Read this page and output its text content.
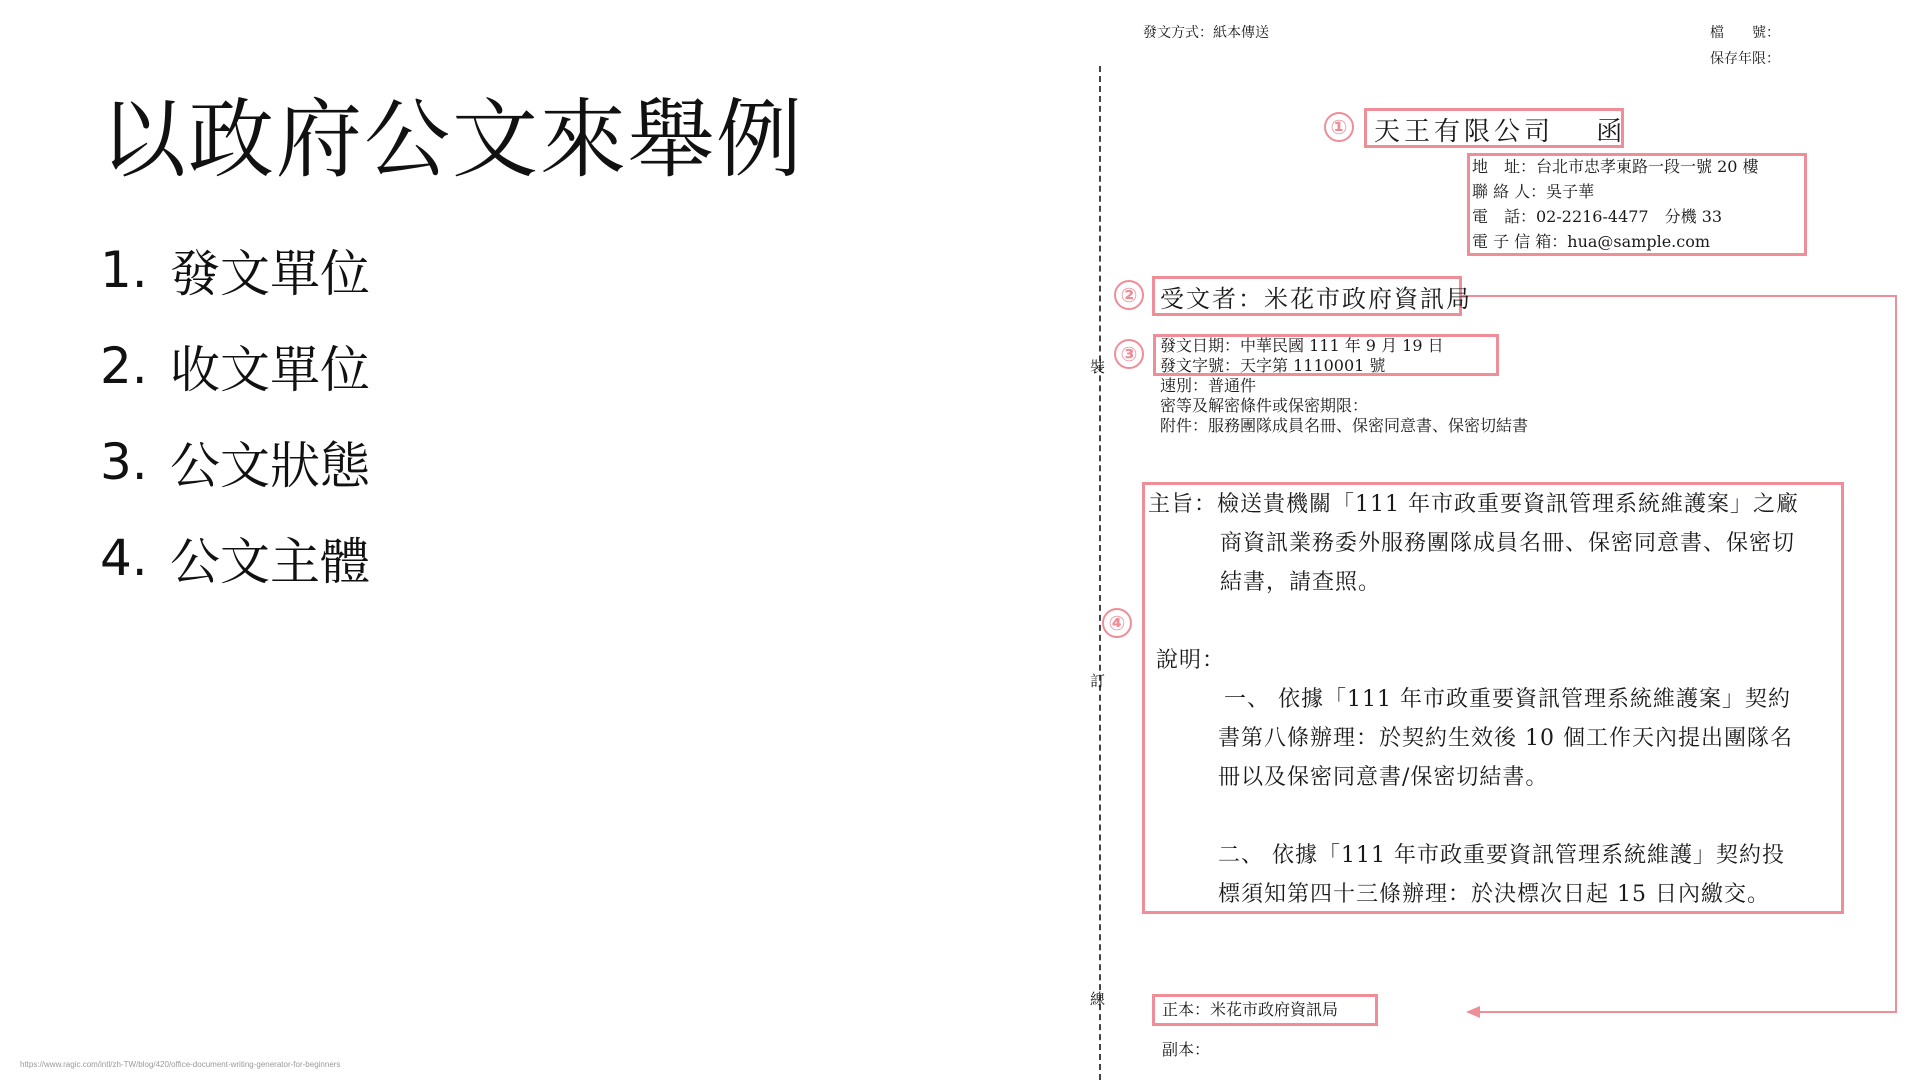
以政府公文來舉例
1. 發文單位
2. 收文單位
3. 公文狀態
4. 公文主體
https://www.ragic.com/intl/zh-TW/blog/420/office-document-writing-generator-for-beginners
發文方式：紙本傳送	檔　　號：
保存年限：
裝
訂
線
① 天王有限公司　 函
地　址：台北市忠孝東路一段一號 20 樓
聯 絡 人：吳子華
電　話：02-2216-4477　分機 33
電 子 信 箱：hua@sample.com
② 受文者：米花市政府資訊局
③	發文日期：中華民國 111 年 9 月 19 日
發文字號：天字第 1110001 號
速別：普通件
密等及解密條件或保密期限：
附件：服務團隊成員名冊、保密同意書、保密切結書
④
主旨：檢送貴機關「111 年市政重要資訊管理系統維護案」之廠
商資訊業務委外服務團隊成員名冊、保密同意書、保密切
結書，請查照。
說明：
一、 依據「111 年市政重要資訊管理系統維護案」契約
書第八條辦理：於契約生效後 10 個工作天內提出團隊名
冊以及保密同意書/保密切結書。
二、 依據「111 年市政重要資訊管理系統維護」契約投
標須知第四十三條辦理：於決標次日起 15 日內繳交。
正本：米花市政府資訊局
副本：
